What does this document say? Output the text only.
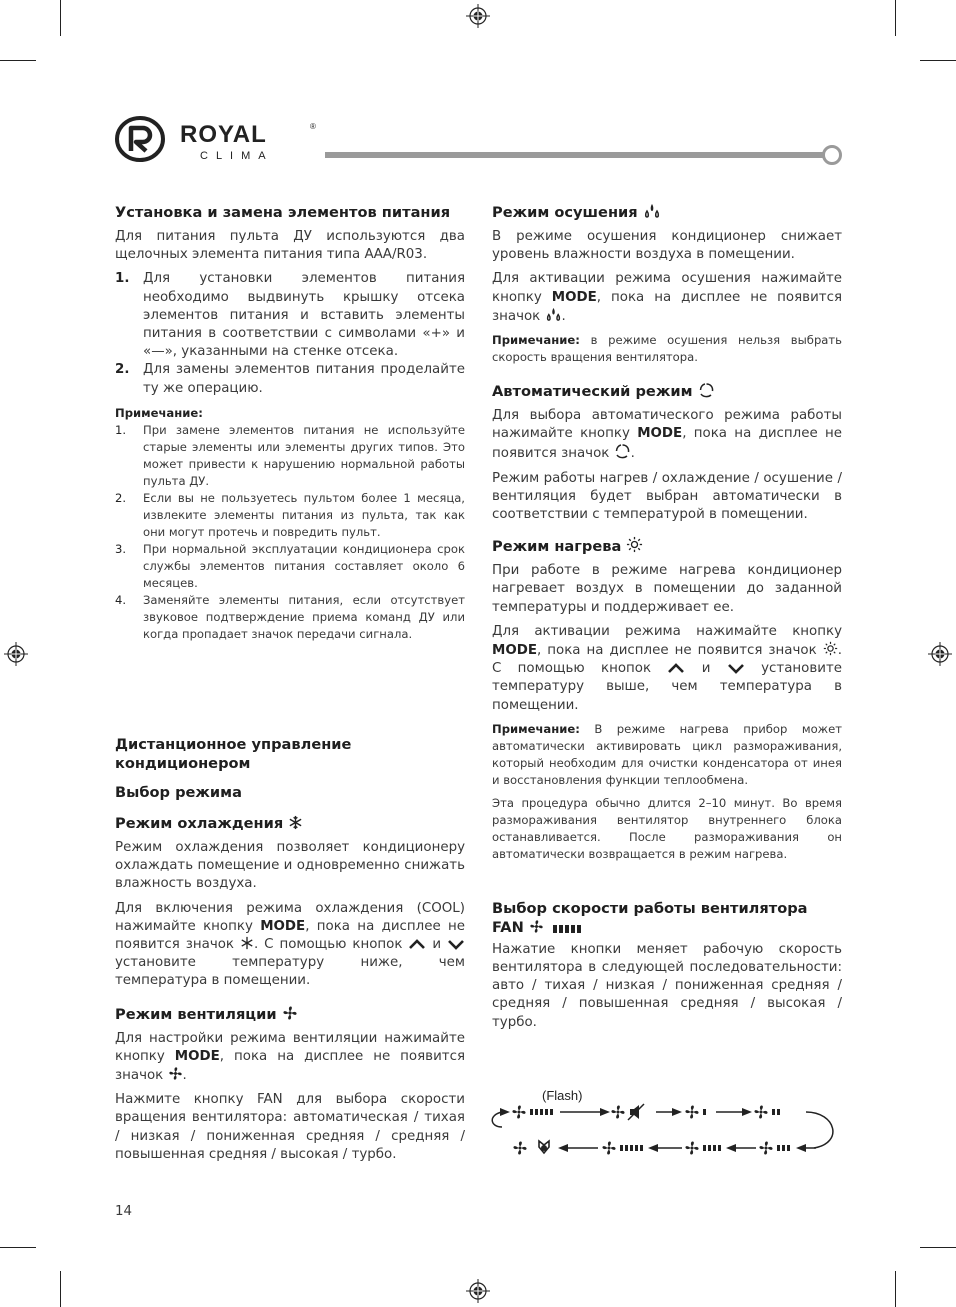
ROYAL	®
CLIMA
Установка и замена элементов питания

Для питания пульта ДУ используются два щелочных элемента питания типа ААА/R03.

1. Для установки элементов питания необходимо выдвинуть крышку отсека элементов питания и вставить элементы питания в соответствии с символами «+» и «—», указанными на стенке отсека.
2. Для замены элементов питания проделайте ту же операцию.
Примечание:
1. При замене элементов питания не используйте старые элементы или элементы других типов. Это может привести к нарушению нормальной работы пульта ДУ.
2. Если вы не пользуетесь пультом более 1 месяца, извлеките элементы питания из пульта, так как они могут протечь и повредить пульт.
3. При нормальной эксплуатации кондиционера срок службы элементов питания составляет около 6 месяцев.
4. Заменяйте элементы питания, если отсутствует звуковое подтверждение приема команд ДУ или когда пропадает значок передачи сигнала.
Дистанционное управление кондиционером
Выбор режима
Режим охлаждения

Режим охлаждения позволяет кондиционеру охлаждать помещение и одновременно снижать влажность воздуха.

Для включения режима охлаждения (COOL) нажимайте кнопку MODE, пока на дисплее не появится значок . С помощью кнопок и  установите температуру ниже, чем температура в помещении.

Режим вентиляции

Для настройки режима вентиляции нажимайте кнопку MODE, пока на дисплее не появится значок .

Нажмите кнопку FAN для выбора скорости вращения вентилятора: автоматическая / тихая / низкая / пониженная средняя / средняя / повышенная средняя / высокая / турбо.

Режим осушения

В режиме осушения кондиционер снижает уровень влажности воздуха в помещении.

Для активации режима осушения нажимайте кнопку MODE, пока на дисплее не появится значок .

Примечание: в режиме осушения нельзя выбрать скорость вращения вентилятора.

Автоматический режим

Для выбора автоматического режима работы нажимайте кнопку MODE, пока на дисплее не появится значок .

Режим работы нагрев / охлаждение / осушение / вентиляция будет выбран автоматически в соответствии с температурой в помещении.

Режим нагрева

При работе в режиме нагрева кондиционер нагревает воздух в помещении до заданной температуры и поддерживает ее.

Для активации режима нажимайте кнопку MODE, пока на дисплее не появится значок . С помощью кнопок	и	установите температуру выше, чем температура в помещении.

Примечание: В режиме нагрева прибор может автоматически активировать цикл размораживания, который необходим для очистки конденсатора от инея и восстановления функции теплообмена.

Эта процедура обычно длится 2–10 минут. Во время размораживания вентилятор внутреннего блока останавливается. После размораживания он автоматически возвращается в режим нагрева.

Выбор скорости работы вентилятора
FAN

Нажатие кнопки меняет рабочую скорость вентилятора в следующей последовательности: авто / тихая / низкая / пониженная средняя / средняя / повышенная средняя / высокая / турбо.

(Flash)
14
